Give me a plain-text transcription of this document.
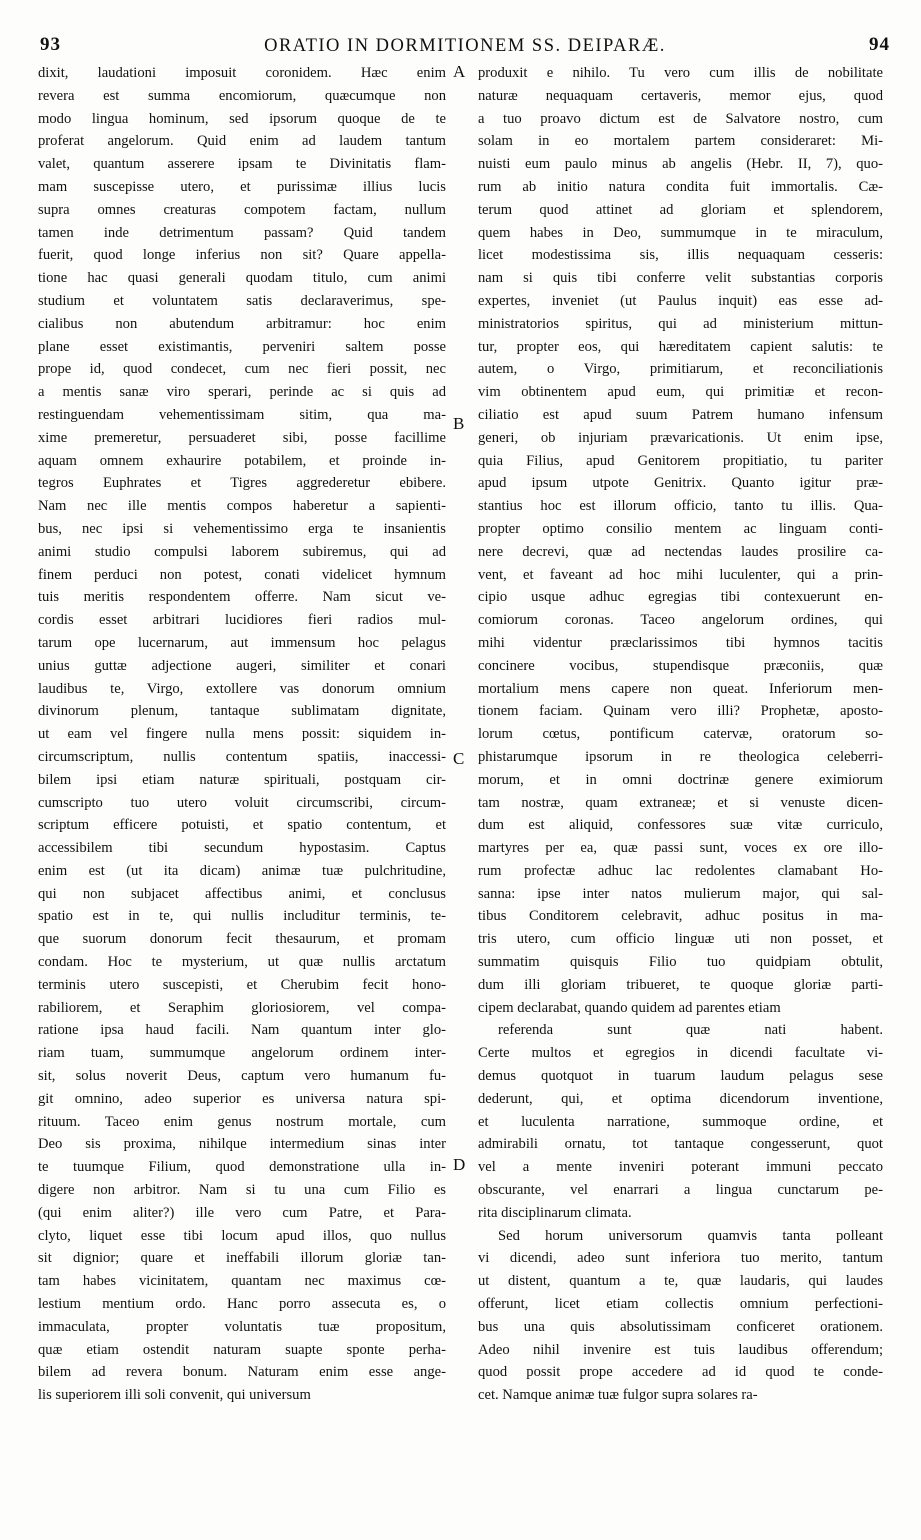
93	ORATIO IN DORMITIONEM SS. DEIPARÆ.	94
dixit, laudationi imposuit coronidem. Hæc enim
revera est summa encomiorum, quæcumque non
modo lingua hominum, sed ipsorum quoque de te
proferat angelorum. Quid enim ad laudem tantum
valet, quantum asserere ipsam te Divinitatis flam-
mam suscepisse utero, et purissimæ illius lucis
supra omnes creaturas compotem factam, nullum
tamen inde detrimentum passam? Quid tandem
fuerit, quod longe inferius non sit? Quare appella-
tione hac quasi generali quodam titulo, cum animi
studium et voluntatem satis declaraverimus, spe-
cialibus non abutendum arbitramur: hoc enim
plane esset existimantis, perveniri saltem posse
prope id, quod condecet, cum nec fieri possit, nec
a mentis sanæ viro sperari, perinde ac si quis ad
restinguendam vehementissimam sitim, qua ma-
xime premeretur, persuaderet sibi, posse facillime
aquam omnem exhaurire potabilem, et proinde in-
tegros Euphrates et Tigres aggrederetur ebibere.
Nam nec ille mentis compos haberetur a sapienti-
bus, nec ipsi si vehementissimo erga te insanientis
animi studio compulsi laborem subiremus, qui ad
finem perduci non potest, conati videlicet hymnum
tuis meritis respondentem offerre. Nam sicut ve-
cordis esset arbitrari lucidiores fieri radios mul-
tarum ope lucernarum, aut immensum hoc pelagus
unius guttæ adjectione augeri, similiter et conari
laudibus te, Virgo, extollere vas donorum omnium
divinorum plenum, tantaque sublimatam dignitate,
ut eam vel fingere nulla mens possit: siquidem in-
circumscriptum, nullis contentum spatiis, inaccessi-
bilem ipsi etiam naturæ spirituali, postquam cir-
cumscripto tuo utero voluit circumscribi, circum-
scriptum efficere potuisti, et spatio contentum, et
accessibilem tibi secundum hypostasim. Captus
enim est (ut ita dicam) animæ tuæ pulchritudine,
qui non subjacet affectibus animi, et conclusus
spatio est in te, qui nullis includitur terminis, te-
que suorum donorum fecit thesaurum, et promam
condam. Hoc te mysterium, ut quæ nullis arctatum
terminis utero suscepisti, et Cherubim fecit hono-
rabiliorem, et Seraphim gloriosiorem, vel compa-
ratione ipsa haud facili. Nam quantum inter glo-
riam tuam, summumque angelorum ordinem inter-
sit, solus noverit Deus, captum vero humanum fu-
git omnino, adeo superior es universa natura spi-
rituum. Taceo enim genus nostrum mortale, cum
Deo sis proxima, nihilque intermedium sinas inter
te tuumque Filium, quod demonstratione ulla in-
digere non arbitror. Nam si tu una cum Filio es
(qui enim aliter?) ille vero cum Patre, et Para-
clyto, liquet esse tibi locum apud illos, quo nullus
sit dignior; quare et ineffabili illorum gloriæ tan-
tam habes vicinitatem, quantam nec maximus cœ-
lestium mentium ordo. Hanc porro assecuta es, o
immaculata, propter voluntatis tuæ propositum,
quæ etiam ostendit naturam suapte sponte perha-
bilem ad revera bonum. Naturam enim esse ange-
lis superiorem illi soli convenit, qui universum
produxit e nihilo. Tu vero cum illis de nobilitate
naturæ nequaquam certaveris, memor ejus, quod
a tuo proavo dictum est de Salvatore nostro, cum
solam in eo mortalem partem consideraret: Mi-
nuisti eum paulo minus ab angelis (Hebr. II, 7), quo-
rum ab initio natura condita fuit immortalis. Cæ-
terum quod attinet ad gloriam et splendorem,
quem habes in Deo, summumque in te miraculum,
licet modestissima sis, illis nequaquam cesseris:
nam si quis tibi conferre velit substantias corporis
expertes, inveniet (ut Paulus inquit) eas esse ad-
ministratorios spiritus, qui ad ministerium mittun-
tur, propter eos, qui hæreditatem capient salutis: te
autem, o Virgo, primitiarum, et reconciliationis
vim obtinentem apud eum, qui primitiæ et recon-
ciliatio est apud suum Patrem humano infensum
generi, ob injuriam prævaricationis. Ut enim ipse,
quia Filius, apud Genitorem propitiatio, tu pariter
apud ipsum utpote Genitrix. Quanto igitur præ-
stantius hoc est illorum officio, tanto tu illis. Qua-
propter optimo consilio mentem ac linguam conti-
nere decrevi, quæ ad nectendas laudes prosilire ca-
vent, et faveant ad hoc mihi luculenter, qui a prin-
cipio usque adhuc egregias tibi contexuerunt en-
comiorum coronas. Taceo angelorum ordines, qui
mihi videntur præclarissimos tibi hymnos tacitis
concinere vocibus, stupendisque præconiis, quæ
mortalium mens capere non queat. Inferiorum men-
tionem faciam. Quinam vero illi? Prophetæ, aposto-
lorum cœtus, pontificum catervæ, oratorum so-
phistarumque ipsorum in re theologica celeberri-
morum, et in omni doctrinæ genere eximiorum
tam nostræ, quam extraneæ; et si venuste dicen-
dum est aliquid, confessores suæ vitæ curriculo,
martyres per ea, quæ passi sunt, voces ex ore illo-
rum profectæ adhuc lac redolentes clamabant Ho-
sanna: ipse inter natos mulierum major, qui sal-
tibus Conditorem celebravit, adhuc positus in ma-
tris utero, cum officio linguæ uti non posset, et
summatim quisquis Filio tuo quidpiam obtulit,
dum illi gloriam tribueret, te quoque gloriæ parti-
cipem declarabat, quando quidem ad parentes etiam
referenda sunt quæ nati habent.
Certe multos et egregios in dicendi facultate vi-
demus quotquot in tuarum laudum pelagus sese
dederunt, qui, et optima dicendorum inventione,
et luculenta narratione, summoque ordine, et
admirabili ornatu, tot tantaque congesserunt, quot
vel a mente inveniri poterant immuni peccato
obscurante, vel enarrari a lingua cunctarum pe-
rita disciplinarum climata.
Sed horum universorum quamvis tanta polleant
vi dicendi, adeo sunt inferiora tuo merito, tantum
ut distent, quantum a te, quæ laudaris, qui laudes
offerunt, licet etiam collectis omnium perfectioni-
bus una quis absolutissimam conficeret orationem.
Adeo nihil invenire est tuis laudibus offerendum;
quod possit prope accedere ad id quod te conde-
cet. Namque animæ tuæ fulgor supra solares ra-
A
B
C
D
